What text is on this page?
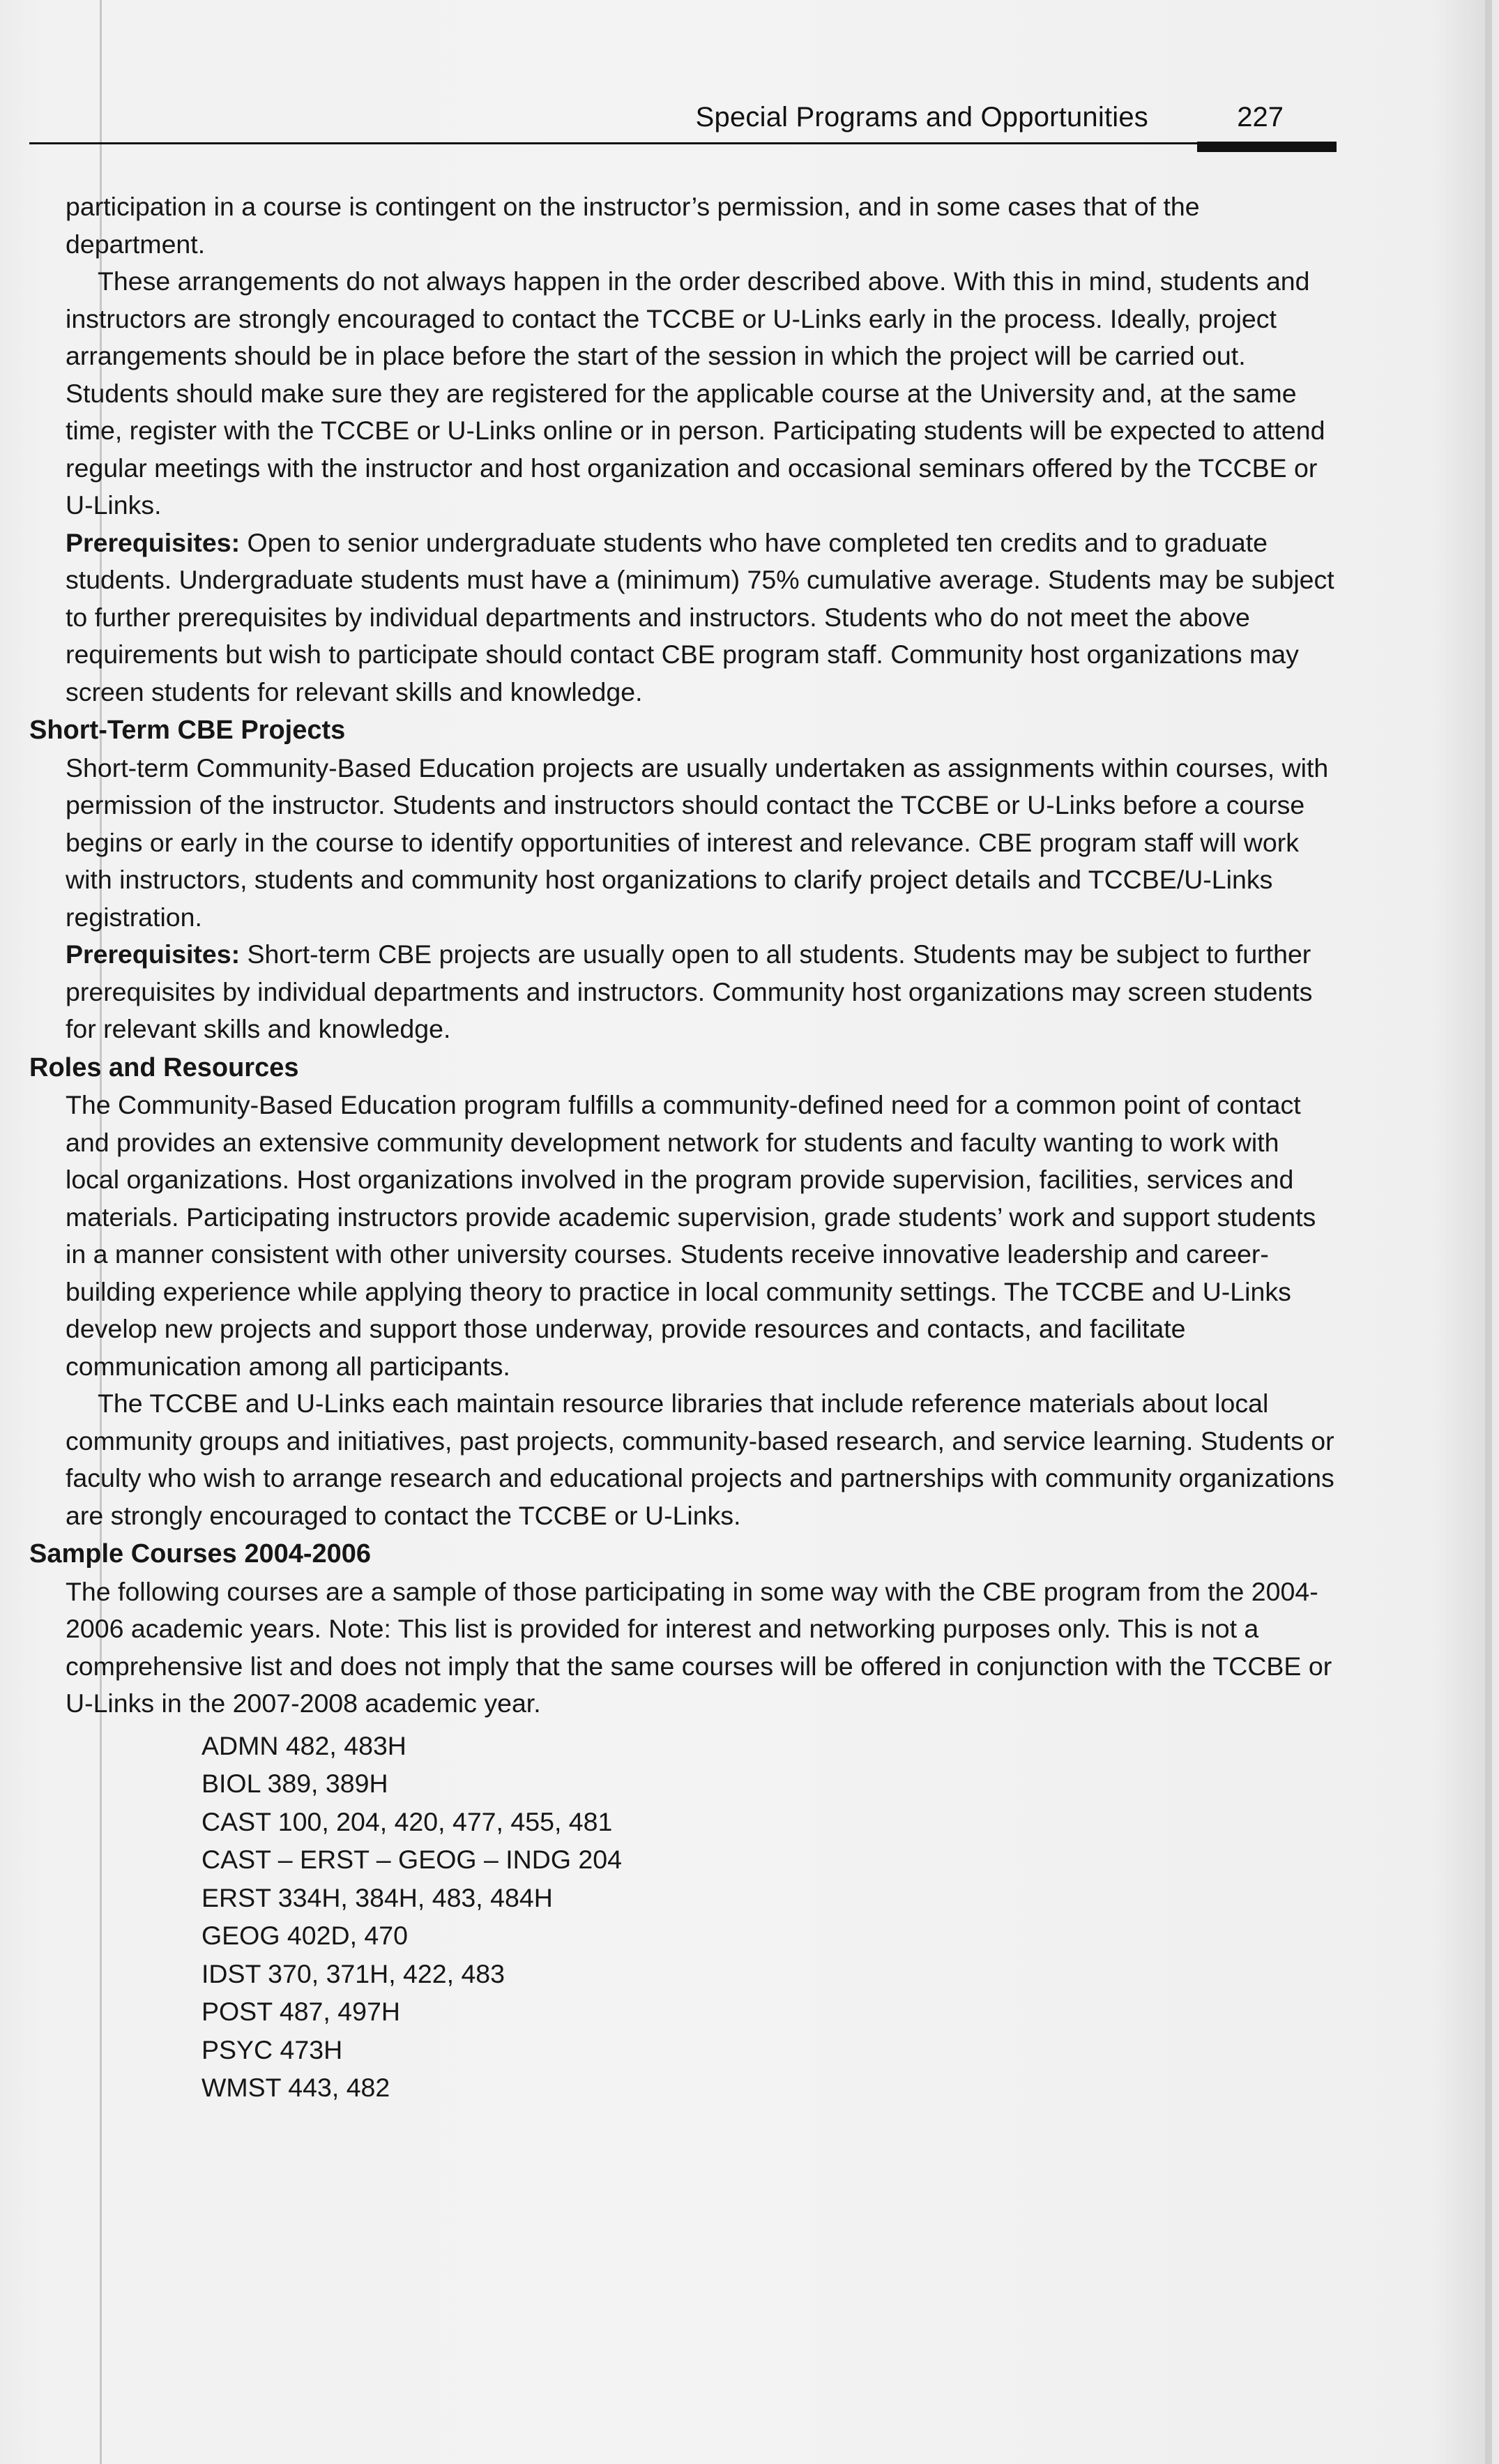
Special Programs and Opportunities	227

participation in a course is contingent on the instructor’s permission, and in some cases that of the department.

These arrangements do not always happen in the order described above. With this in mind, students and instructors are strongly encouraged to contact the TCCBE or U-Links early in the process. Ideally, project arrangements should be in place before the start of the session in which the project will be carried out. Students should make sure they are registered for the applicable course at the University and, at the same time, register with the TCCBE or U-Links online or in person. Participating students will be expected to attend regular meetings with the instructor and host organization and occasional seminars offered by the TCCBE or U-Links.

Prerequisites: Open to senior undergraduate students who have completed ten credits and to graduate students. Undergraduate students must have a (minimum) 75% cumulative average. Students may be subject to further prerequisites by individual departments and instructors. Students who do not meet the above requirements but wish to participate should contact CBE program staff. Community host organizations may screen students for relevant skills and knowledge.

Short-Term CBE Projects

Short-term Community-Based Education projects are usually undertaken as assignments within courses, with permission of the instructor. Students and instructors should contact the TCCBE or U-Links before a course begins or early in the course to identify opportunities of interest and relevance. CBE program staff will work with instructors, students and community host organizations to clarify project details and TCCBE/U-Links registration.

Prerequisites: Short-term CBE projects are usually open to all students. Students may be subject to further prerequisites by individual departments and instructors. Community host organizations may screen students for relevant skills and knowledge.

Roles and Resources

The Community-Based Education program fulfills a community-defined need for a common point of contact and provides an extensive community development network for students and faculty wanting to work with local organizations. Host organizations involved in the program provide supervision, facilities, services and materials. Participating instructors provide academic supervision, grade students’ work and support students in a manner consistent with other university courses. Students receive innovative leadership and career-building experience while applying theory to practice in local community settings. The TCCBE and U-Links develop new projects and support those underway, provide resources and contacts, and facilitate communication among all participants.

The TCCBE and U-Links each maintain resource libraries that include reference materials about local community groups and initiatives, past projects, community-based research, and service learning. Students or faculty who wish to arrange research and educational projects and partnerships with community organizations are strongly encouraged to contact the TCCBE or U-Links.

Sample Courses 2004-2006

The following courses are a sample of those participating in some way with the CBE program from the 2004-2006 academic years. Note: This list is provided for interest and networking purposes only. This is not a comprehensive list and does not imply that the same courses will be offered in conjunction with the TCCBE or U-Links in the 2007-2008 academic year.

ADMN 482, 483H
BIOL 389, 389H
CAST 100, 204, 420, 477, 455, 481
CAST – ERST – GEOG – INDG 204
ERST 334H, 384H, 483, 484H
GEOG 402D, 470
IDST 370, 371H, 422, 483
POST 487, 497H
PSYC 473H
WMST 443, 482
